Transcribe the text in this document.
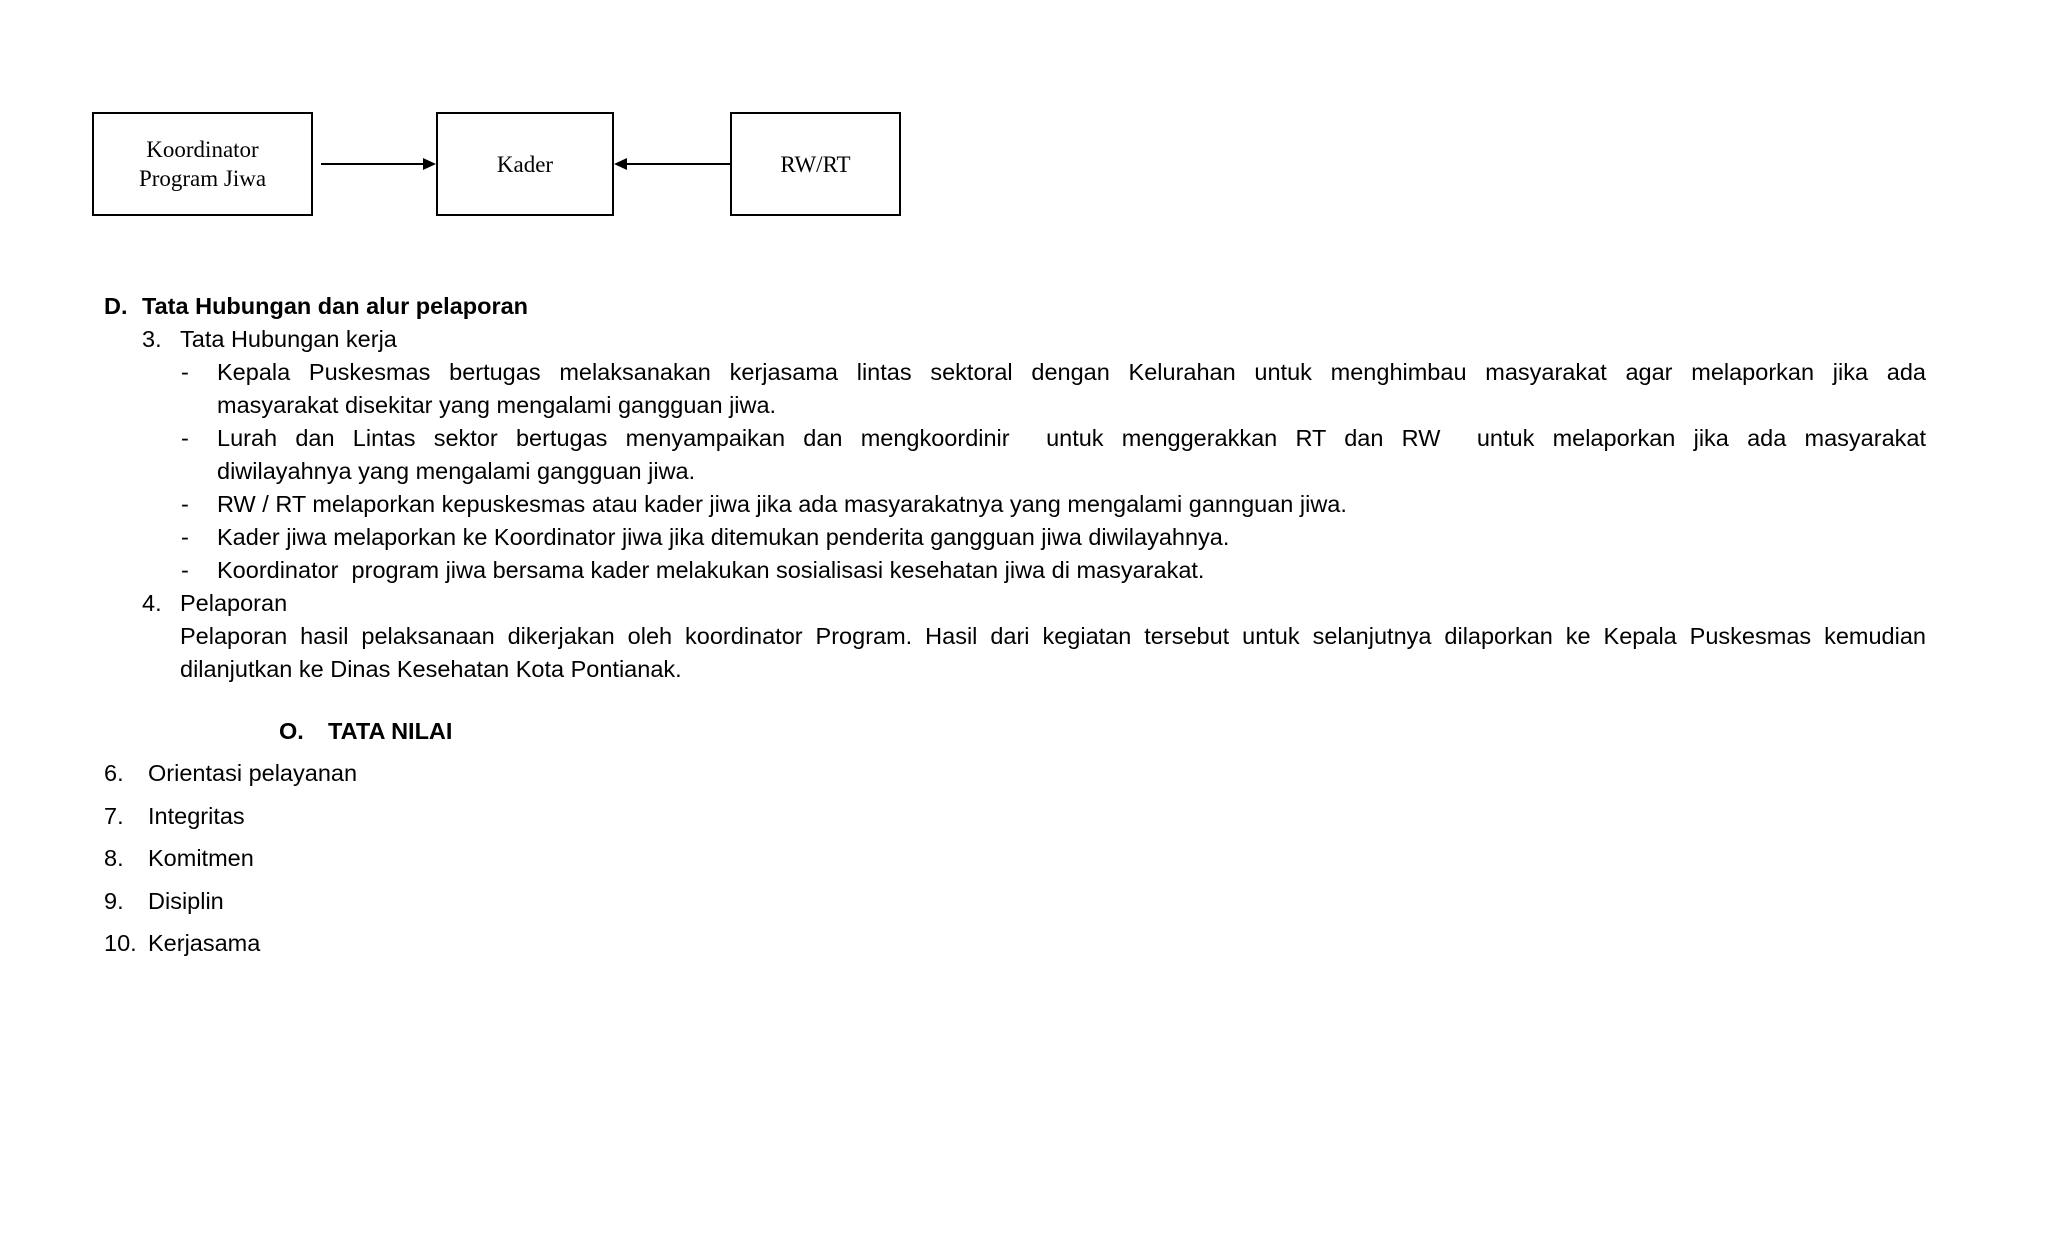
Koordinator
Program Jiwa
Kader	RW/RT
D. Tata Hubungan dan alur pelaporan
3. Tata Hubungan kerja
- Kepala Puskesmas bertugas melaksanakan kerjasama lintas sektoral dengan Kelurahan untuk menghimbau masyarakat agar melaporkan jika ada
masyarakat disekitar yang mengalami gangguan jiwa.
- Lurah dan Lintas sektor bertugas menyampaikan dan mengkoordinir  untuk menggerakkan RT dan RW  untuk melaporkan jika ada masyarakat
diwilayahnya yang mengalami gangguan jiwa.
- RW / RT melaporkan kepuskesmas atau kader jiwa jika ada masyarakatnya yang mengalami gannguan jiwa.
- Kader jiwa melaporkan ke Koordinator jiwa jika ditemukan penderita gangguan jiwa diwilayahnya.
- Koordinator  program jiwa bersama kader melakukan sosialisasi kesehatan jiwa di masyarakat.
4. Pelaporan
Pelaporan hasil pelaksanaan dikerjakan oleh koordinator Program. Hasil dari kegiatan tersebut untuk selanjutnya dilaporkan ke Kepala Puskesmas kemudian
dilanjutkan ke Dinas Kesehatan Kota Pontianak.
O. TATA NILAI
6. Orientasi pelayanan
7. Integritas
8. Komitmen
9. Disiplin
10. Kerjasama
